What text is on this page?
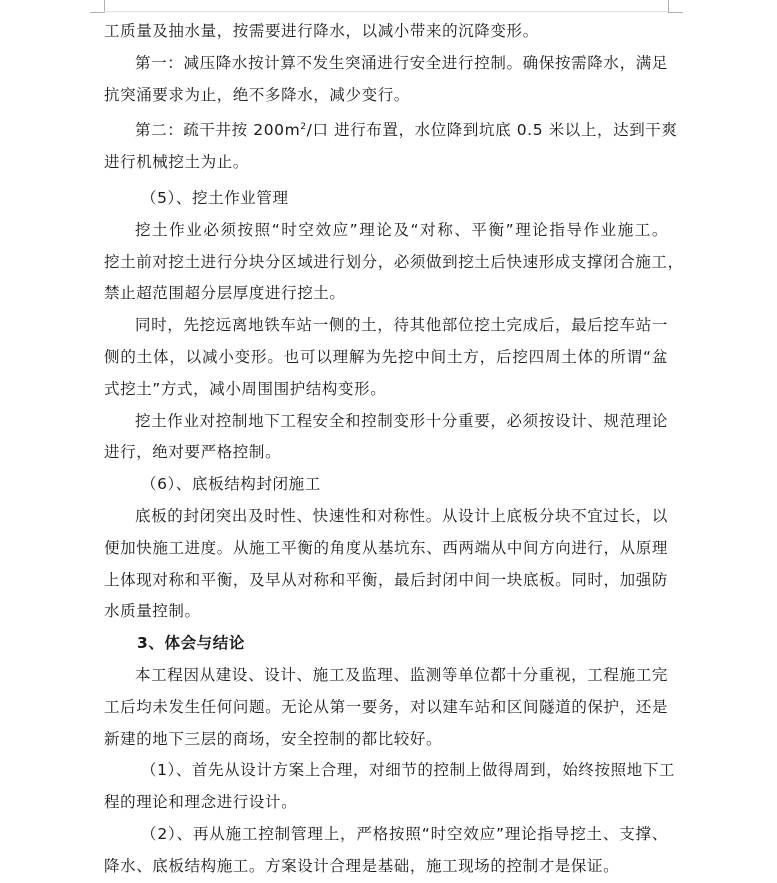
工质量及抽水量，按需要进行降水，以减小带来的沉降变形。
第一：减压降水按计算不发生突涌进行安全进行控制。确保按需降水，满足
抗突涌要求为止，绝不多降水，减少变行。
第二：疏干井按 $200m^2/$口 进行布置，水位降到坑底 0.5 米以上，达到干爽
进行机械挖土为止。
（5）、挖土作业管理
挖土作业必须按照“时空效应”理论及“对称、平衡”理论指导作业施工。
挖土前对挖土进行分块分区域进行划分，必须做到挖土后快速形成支撑闭合施工，
禁止超范围超分层厚度进行挖土。
同时，先挖远离地铁车站一侧的土，待其他部位挖土完成后，最后挖车站一
侧的土体，以减小变形。也可以理解为先挖中间土方，后挖四周土体的所谓“盆
式挖土”方式，减小周围围护结构变形。
挖土作业对控制地下工程安全和控制变形十分重要，必须按设计、规范理论
进行，绝对要严格控制。
（6）、底板结构封闭施工
底板的封闭突出及时性、快速性和对称性。从设计上底板分块不宜过长，以
便加快施工进度。从施工平衡的角度从基坑东、西两端从中间方向进行，从原理
上体现对称和平衡，及早从对称和平衡，最后封闭中间一块底板。同时，加强防
水质量控制。
3、体会与结论
本工程因从建设、设计、施工及监理、监测等单位都十分重视，工程施工完
工后均未发生任何问题。无论从第一要务，对以建车站和区间隧道的保护，还是
新建的地下三层的商场，安全控制的都比较好。
（1）、首先从设计方案上合理，对细节的控制上做得周到，始终按照地下工
程的理论和理念进行设计。
（2）、再从施工控制管理上，严格按照“时空效应”理论指导挖土、支撑、
降水、底板结构施工。方案设计合理是基础，施工现场的控制才是保证。
